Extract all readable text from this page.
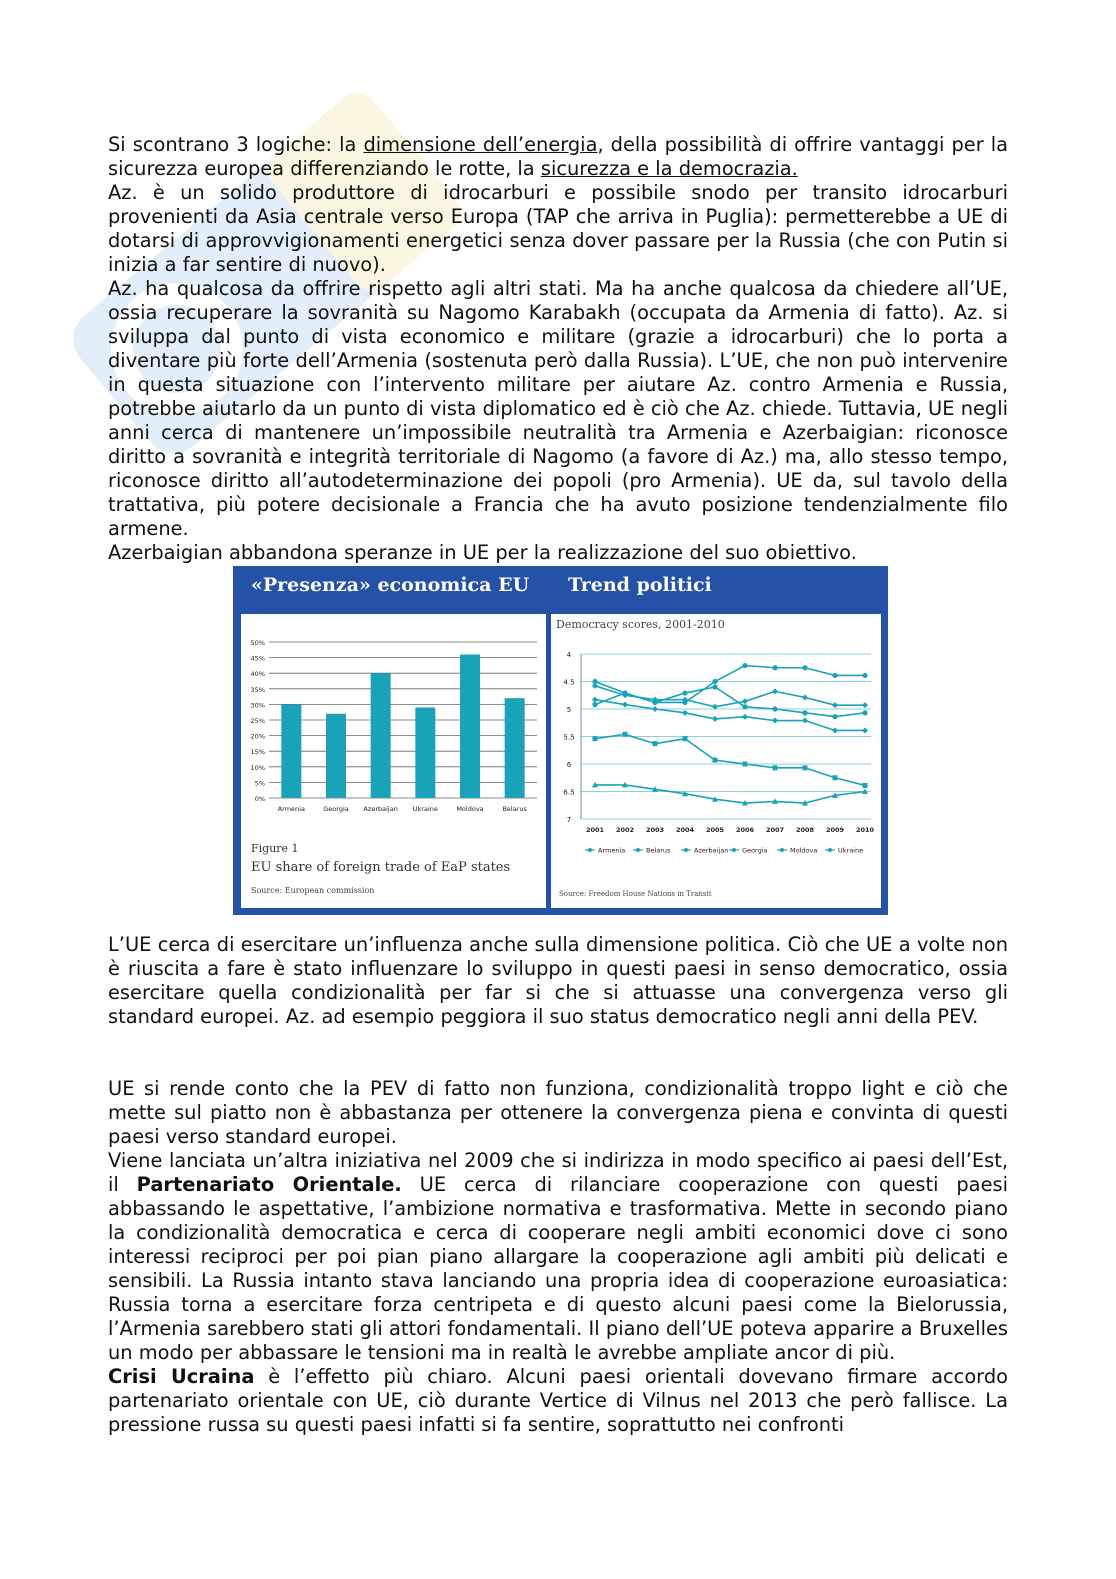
Si scontrano 3 logiche: la dimensione dell’energia, della possibilità di offrire vantaggi per la sicurezza europea differenziando le rotte, la sicurezza e la democrazia.

Az. è un solido produttore di idrocarburi e possibile snodo per transito idrocarburi provenienti da Asia centrale verso Europa (TAP che arriva in Puglia): permetterebbe a UE di dotarsi di approvvigionamenti energetici senza dover passare per la Russia (che con Putin si inizia a far sentire di nuovo).

Az. ha qualcosa da offrire rispetto agli altri stati. Ma ha anche qualcosa da chiedere all’UE, ossia recuperare la sovranità su Nagomo Karabakh (occupata da Armenia di fatto). Az. si sviluppa dal punto di vista economico e militare (grazie a idrocarburi) che lo porta a diventare più forte dell’Armenia (sostenuta però dalla Russia). L’UE, che non può intervenire in questa situazione con l’intervento militare per aiutare Az. contro Armenia e Russia, potrebbe aiutarlo da un punto di vista diplomatico ed è ciò che Az. chiede. Tuttavia, UE negli anni cerca di mantenere un’impossibile neutralità tra Armenia e Azerbaigian: riconosce diritto a sovranità e integrità territoriale di Nagomo (a favore di Az.) ma, allo stesso tempo, riconosce diritto all’autodeterminazione dei popoli (pro Armenia). UE da, sul tavolo della trattativa, più potere decisionale a Francia che ha avuto posizione tendenzialmente filo armene.

Azerbaigian abbandona speranze in UE per la realizzazione del suo obiettivo.

«Presenza» economica EU Trend politici
0%
5%
10%
15%
20%
25%
30%
35%
40%
45%
50%
Armenia	Georgia Azerbaijan Ukraine	Moldova	Belarus
Figure 1
EU share of foreign trade of EaP states
Source: European commission
Democracy scores, 2001-2010
4
4.5
5
5.5
6
6.5
7
2001 2002 2003 2004 2005 2006 2007 2008 2009 2010
Armenia	Belarus	Azerbaijan Georgia	Moldova	Ukraine
Source: Freedom House Nations in Transit

L’UE cerca di esercitare un’influenza anche sulla dimensione politica. Ciò che UE a volte non è riuscita a fare è stato influenzare lo sviluppo in questi paesi in senso democratico, ossia esercitare quella condizionalità per far si che si attuasse una convergenza verso gli standard europei. Az. ad esempio peggiora il suo status democratico negli anni della PEV.

UE si rende conto che la PEV di fatto non funziona, condizionalità troppo light e ciò che mette sul piatto non è abbastanza per ottenere la convergenza piena e convinta di questi paesi verso standard europei.

Viene lanciata un’altra iniziativa nel 2009 che si indirizza in modo specifico ai paesi dell’Est, il Partenariato Orientale. UE cerca di rilanciare cooperazione con questi paesi abbassando le aspettative, l’ambizione normativa e trasformativa. Mette in secondo piano la condizionalità democratica e cerca di cooperare negli ambiti economici dove ci sono interessi reciproci per poi pian piano allargare la cooperazione agli ambiti più delicati e sensibili. La Russia intanto stava lanciando una propria idea di cooperazione euroasiatica: Russia torna a esercitare forza centripeta e di questo alcuni paesi come la Bielorussia, l’Armenia sarebbero stati gli attori fondamentali. Il piano dell’UE poteva apparire a Bruxelles un modo per abbassare le tensioni ma in realtà le avrebbe ampliate ancor di più.

Crisi Ucraina è l’effetto più chiaro. Alcuni paesi orientali dovevano firmare accordo partenariato orientale con UE, ciò durante Vertice di Vilnus nel 2013 che però fallisce. La pressione russa su questi paesi infatti si fa sentire, soprattutto nei confronti
